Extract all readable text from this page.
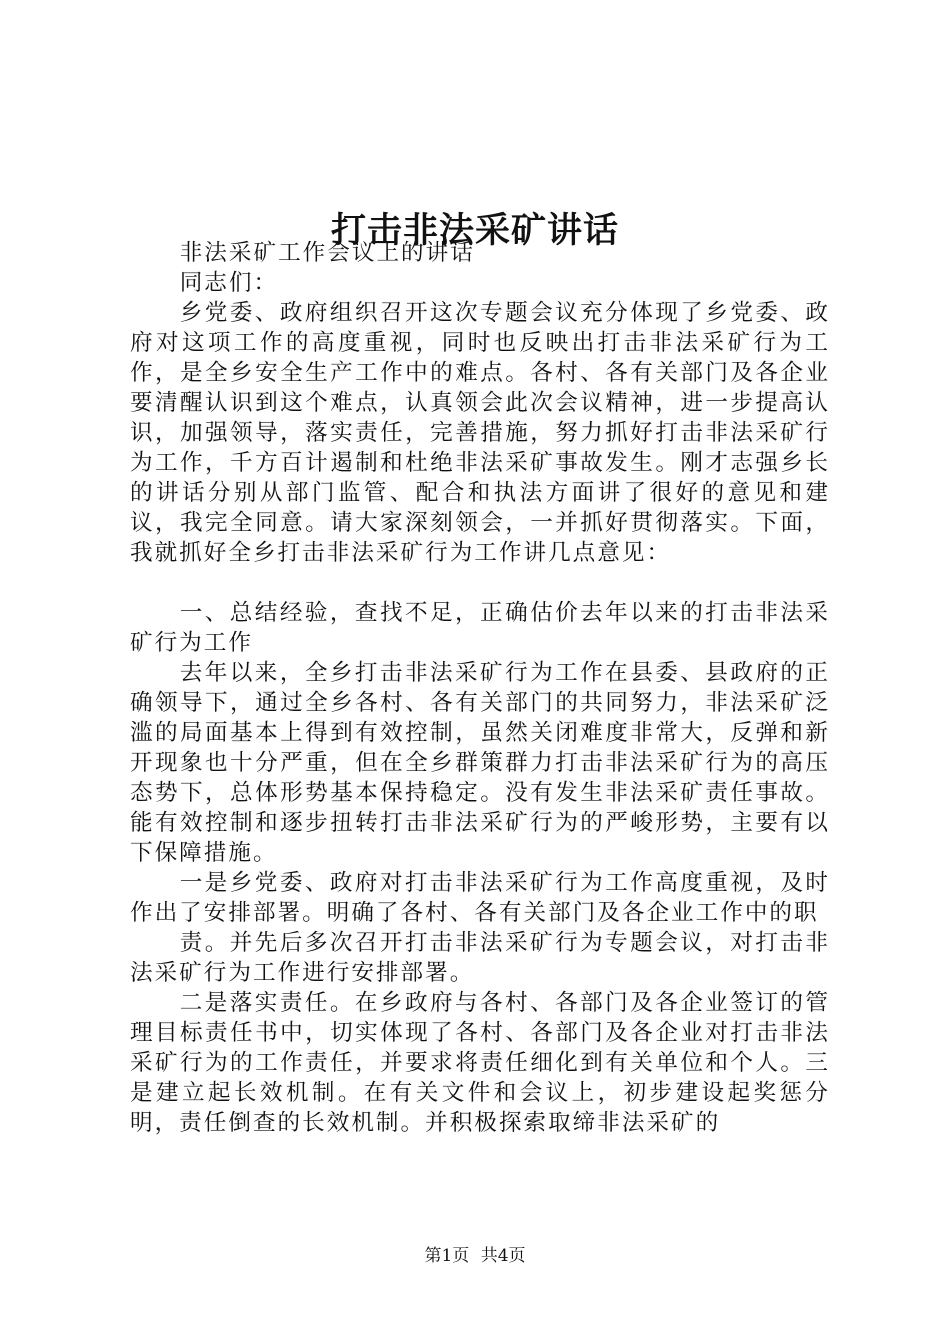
打击非法采矿讲话

非法采矿工作会议上的讲话

同志们：

乡党委、政府组织召开这次专题会议充分体现了乡党委、政府对这项工作的高度重视，同时也反映出打击非法采矿行为工作，是全乡安全生产工作中的难点。各村、各有关部门及各企业要清醒认识到这个难点，认真领会此次会议精神，进一步提高认识，加强领导，落实责任，完善措施，努力抓好打击非法采矿行为工作，千方百计遏制和杜绝非法采矿事故发生。刚才志强乡长的讲话分别从部门监管、配合和执法方面讲了很好的意见和建议，我完全同意。请大家深刻领会，一并抓好贯彻落实。下面，我就抓好全乡打击非法采矿行为工作讲几点意见：

一、总结经验，查找不足，正确估价去年以来的打击非法采矿行为工作

去年以来，全乡打击非法采矿行为工作在县委、县政府的正确领导下，通过全乡各村、各有关部门的共同努力，非法采矿泛滥的局面基本上得到有效控制，虽然关闭难度非常大，反弹和新开现象也十分严重，但在全乡群策群力打击非法采矿行为的高压态势下，总体形势基本保持稳定。没有发生非法采矿责任事故。能有效控制和逐步扭转打击非法采矿行为的严峻形势，主要有以下保障措施。

一是乡党委、政府对打击非法采矿行为工作高度重视，及时作出了安排部署。明确了各村、各有关部门及各企业工作中的职

责。并先后多次召开打击非法采矿行为专题会议，对打击非法采矿行为工作进行安排部署。

二是落实责任。在乡政府与各村、各部门及各企业签订的管理目标责任书中，切实体现了各村、各部门及各企业对打击非法采矿行为的工作责任，并要求将责任细化到有关单位和个人。三是建立起长效机制。在有关文件和会议上，初步建设起奖惩分明，责任倒查的长效机制。并积极探索取缔非法采矿的

第1页 共4页
